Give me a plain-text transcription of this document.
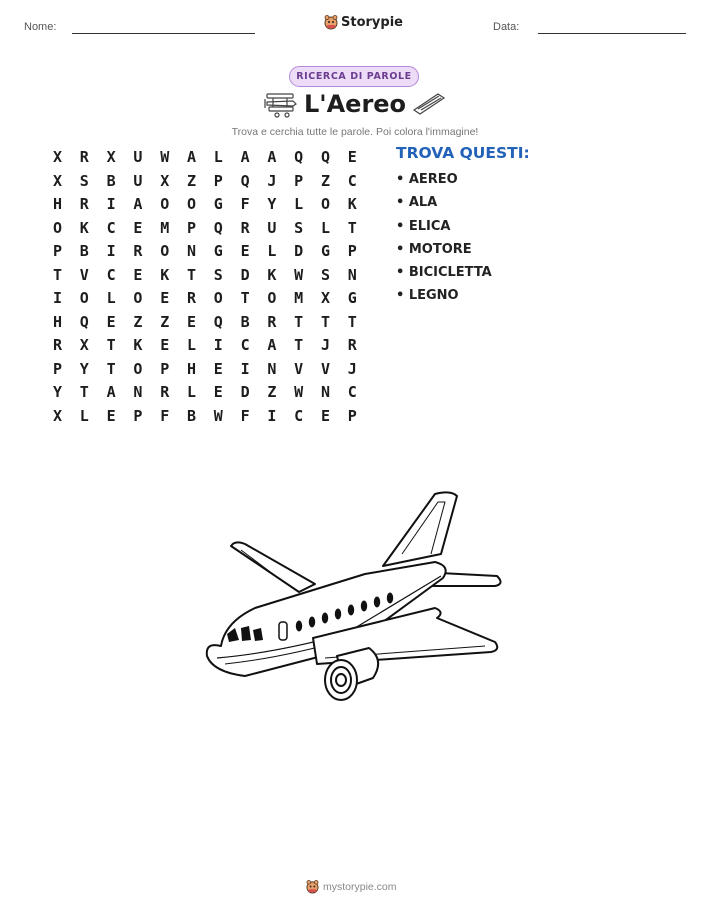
Nome:	Storypie	Data:
RICERCA DI PAROLE
L'Aereo
Trova e cerchia tutte le parole. Poi colora l'immagine!
X	R	X	U	W	A	L	A	A	Q	Q	E
X	S	B	U	X	Z	P	Q	J	P	Z	C
H	R	I	A	O	O	G	F	Y	L	O	K
O	K	C	E	M	P	Q	R	U	S	L	T
P	B	I	R	O	N	G	E	L	D	G	P
T	V	C	E	K	T	S	D	K	W	S	N
I	O	L	O	E	R	O	T	O	M	X	G
H	Q	E	Z	Z	E	Q	B	R	T	T	T
R	X	T	K	E	L	I	C	A	T	J	R
P	Y	T	O	P	H	E	I	N	V	V	J
Y	T	A	N	R	L	E	D	Z	W	N	C
X	L	E	P	F	B	W	F	I	C	E	P
TROVA QUESTI:
• AEREO
• ALA
• ELICA
• MOTORE
• BICICLETTA
• LEGNO
mystorypie.com
